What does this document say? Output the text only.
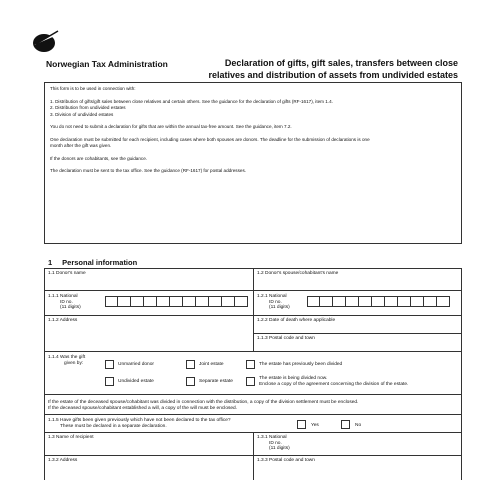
Norwegian Tax Administration	Declaration of gifts, gift sales, transfers between close
relatives and distribution of assets from undivided estates

This form is to be used in connection with:

1. Distribution of gifts/gift sales between close relatives and certain others. See the guidance for the declaration of gifts (RF-1617), item 1.4.
2. Distribution from undivided estates
3. Division of undivided estates

You do not need to submit a declaration for gifts that are within the annual tax-free amount. See the guidance, item 7.2.

One declaration must be submitted for each recipient, including cases where both spouses are donors. The deadline for the submission of declarations is one

month after the gift was given.

If the donors are cohabitants, see the guidance.

The declaration must be sent to the tax office. See the guidance (RF-1617) for postal addresses.

1 Personal information
1.1 Donor's name	1.2 Donor's spouse/cohabitant's name
1.1.1 National
ID no.
(11 digits)
1.2.1 National
ID no.
(11 digits)
1.1.2 Address	1.2.2 Date of death where applicable
1.1.3 Postal code and town
1.1.4 Was the gift
given by:	Unmarried donor	Joint estate	The estate has previously been divided
Undivided estate	Separate estate
The estate is being divided now.
Enclose a copy of the agreement concerning the division of the estate.
If the estate of the deceased spouse/cohabitant was divided in connection with the distribution, a copy of the division settlement must be enclosed.
If the deceased spouse/cohabitant established a will, a copy of the will must be enclosed.
1.1.5 Have gifts been given previously which have not been declared to the tax office?
These must be declared in a separate declaration.	Yes	No
1.3 Name of recipient	1.3.1 National
ID no.
(11 digits)
1.3.2 Address	1.3.3 Postal code and town
